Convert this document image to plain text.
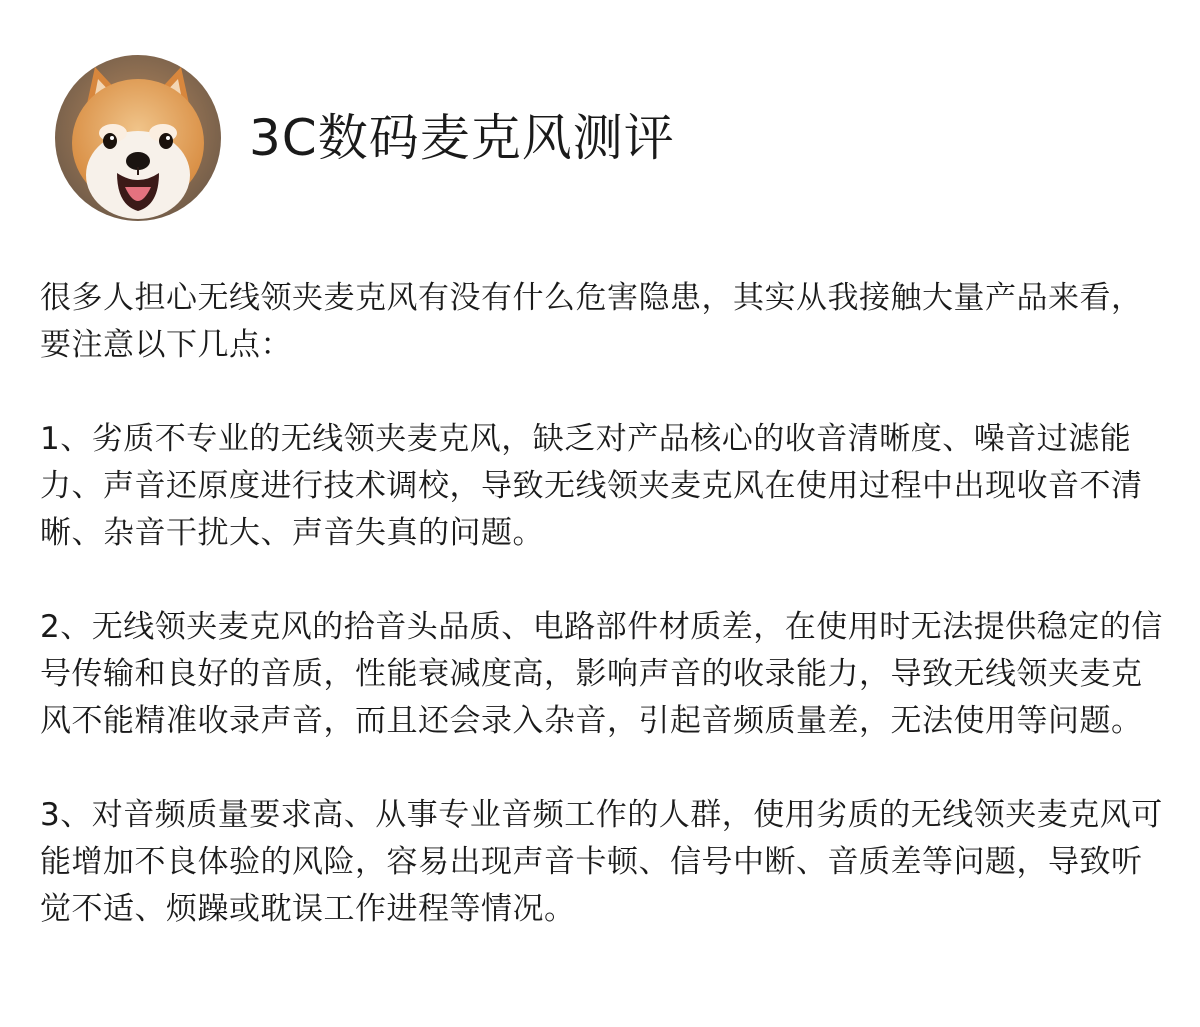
3C数码麦克风测评

很多人担心无线领夹麦克风有没有什么危害隐患，其实从我接触大量产品来看，要注意以下几点：

1、劣质不专业的无线领夹麦克风，缺乏对产品核心的收音清晰度、噪音过滤能力、声音还原度进行技术调校，导致无线领夹麦克风在使用过程中出现收音不清晰、杂音干扰大、声音失真的问题。

2、无线领夹麦克风的拾音头品质、电路部件材质差，在使用时无法提供稳定的信号传输和良好的音质，性能衰减度高，影响声音的收录能力，导致无线领夹麦克风不能精准收录声音，而且还会录入杂音，引起音频质量差，无法使用等问题。

3、对音频质量要求高、从事专业音频工作的人群，使用劣质的无线领夹麦克风可能增加不良体验的风险，容易出现声音卡顿、信号中断、音质差等问题，导致听觉不适、烦躁或耽误工作进程等情况。
